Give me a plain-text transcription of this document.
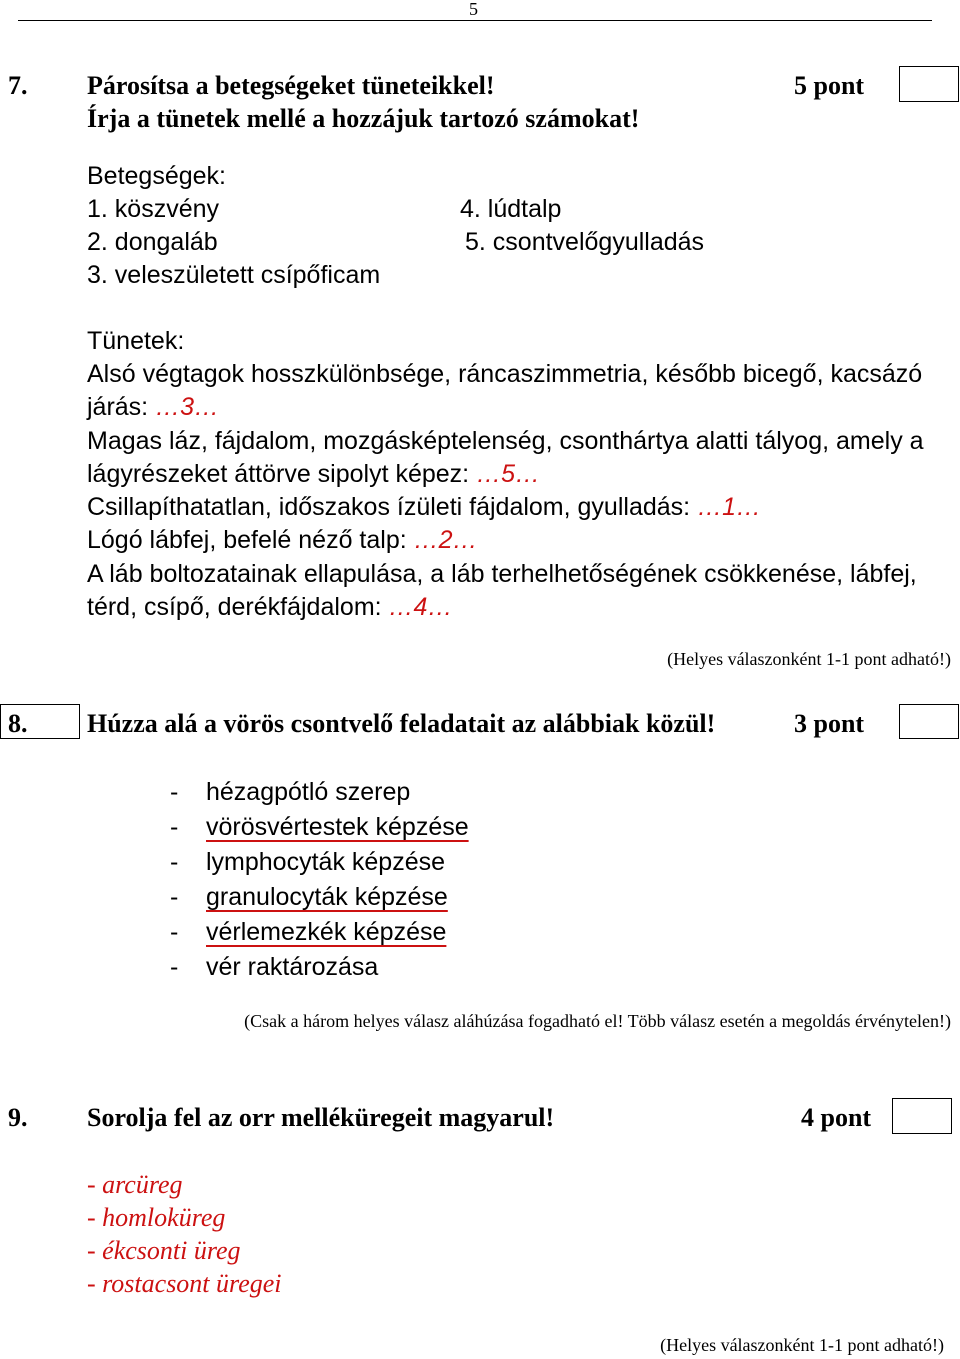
5
7. Párosítsa a betegségeket tüneteikkel!	5 pont
Írja a tünetek mellé a hozzájuk tartozó számokat!
Betegségek:
1. köszvény	4. lúdtalp
2. dongaláb	5. csontvelőgyulladás
3. veleszületett csípőficam
Tünetek:
Alsó végtagok hosszkülönbsége, ráncaszimmetria, később bicegő, kacsázó
járás: …3…
Magas láz, fájdalom, mozgásképtelenség, csonthártya alatti tályog, amely a
lágyrészeket áttörve sipolyt képez: …5…
Csillapíthatatlan, időszakos ízületi fájdalom, gyulladás: …1…
Lógó lábfej, befelé néző talp: …2…
A láb boltozatainak ellapulása, a láb terhelhetőségének csökkenése, lábfej,
térd, csípő, derékfájdalom: …4…
(Helyes válaszonként 1-1 pont adható!)
8. Húzza alá a vörös csontvelő feladatait az alábbiak közül!	3 pont
- hézagpótló szerep
- vörösvértestek képzése
- lymphocyták képzése
- granulocyták képzése
- vérlemezkék képzése
- vér raktározása
(Csak a három helyes válasz aláhúzása fogadható el! Több válasz esetén a megoldás érvénytelen!)
9. Sorolja fel az orr melléküregeit magyarul!	4 pont
- arcüreg
- homloküreg
- ékcsonti üreg
- rostacsont üregei
(Helyes válaszonként 1-1 pont adható!)
